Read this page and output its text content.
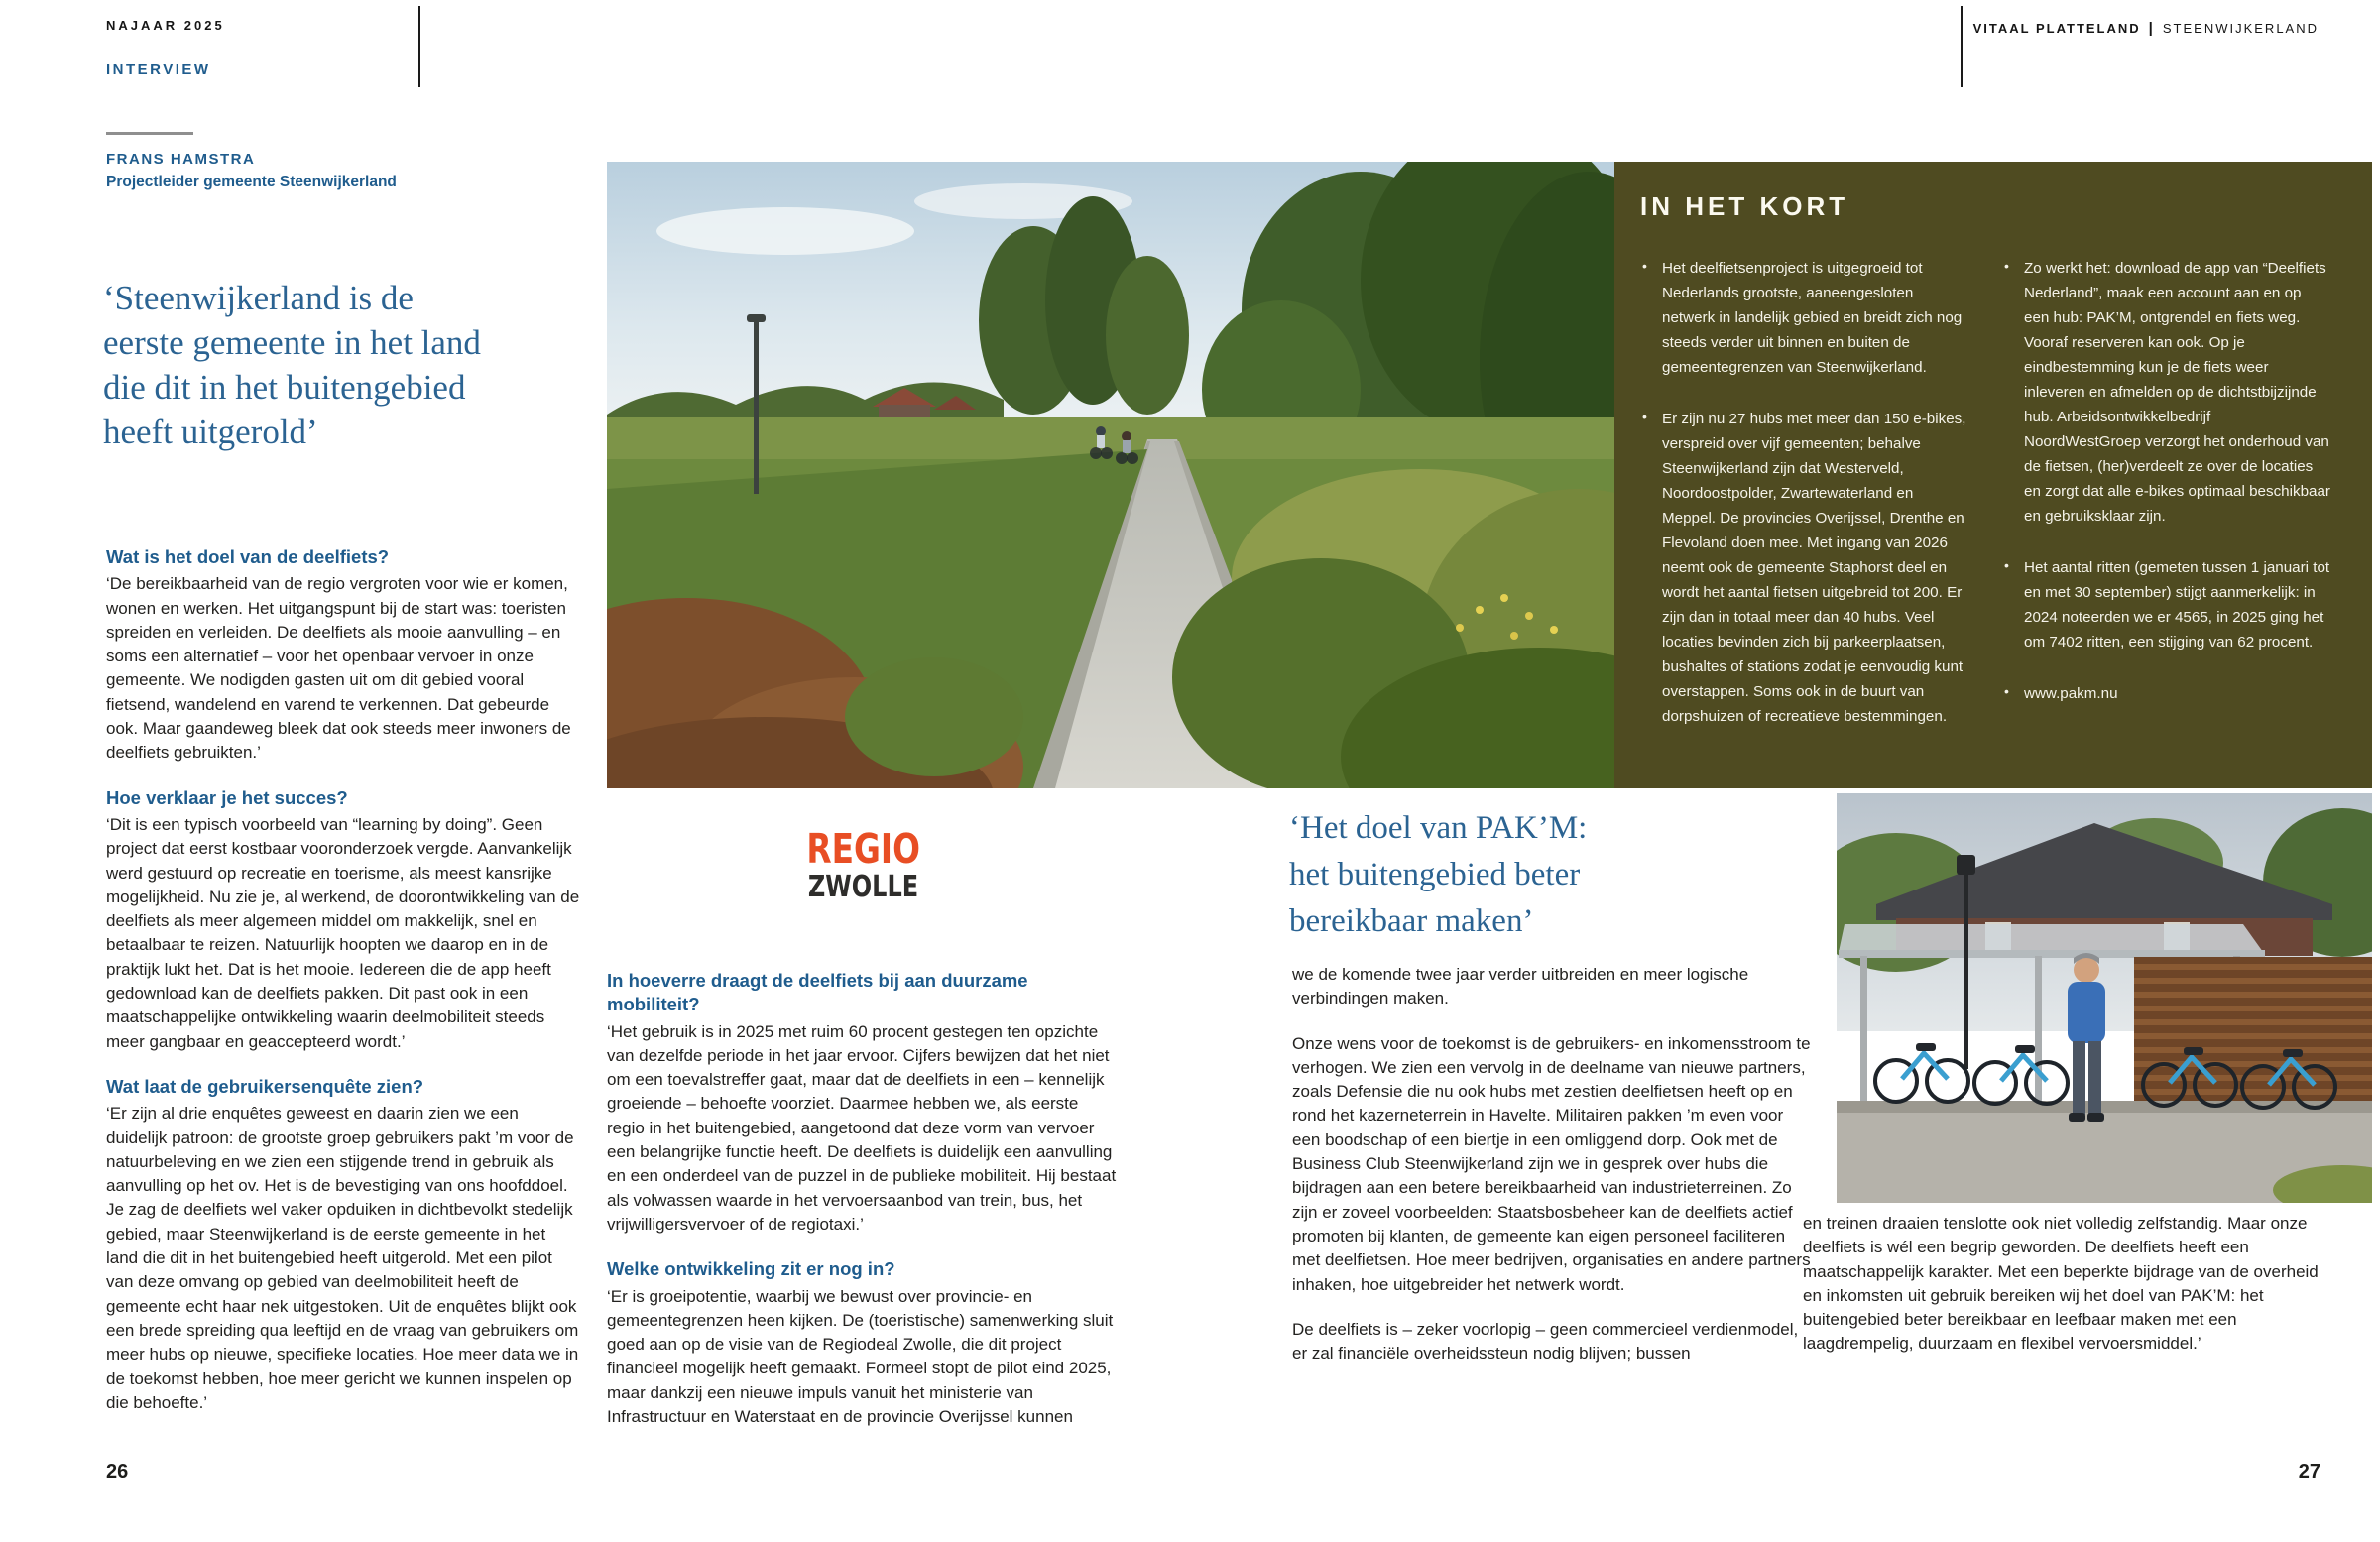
NAJAAR 2025
INTERVIEW
FRANS HAMSTRA
Projectleider gemeente Steenwijkerland
VITAAL PLATTELAND | STEENWIJKERLAND
‘Steenwijkerland is de
eerste gemeente in het land
die dit in het buitengebied
heeft uitgerold’
Wat is het doel van de deelfiets?

‘De bereikbaarheid van de regio vergroten voor wie er komen, wonen en werken. Het uitgangspunt bij de start was: toeristen spreiden en verleiden. De deelfiets als mooie aanvulling – en soms een alternatief – voor het openbaar vervoer in onze gemeente. We nodigden gasten uit om dit gebied vooral fietsend, wandelend en varend te verkennen. Dat gebeurde ook. Maar gaandeweg bleek dat ook steeds meer inwoners de deelfiets gebruikten.’

Hoe verklaar je het succes?

‘Dit is een typisch voorbeeld van “learning by doing”. Geen project dat eerst kostbaar vooronderzoek vergde. Aanvankelijk werd gestuurd op recreatie en toerisme, als meest kansrijke mogelijkheid. Nu zie je, al werkend, de doorontwikkeling van de deelfiets als meer algemeen middel om makkelijk, snel en betaalbaar te reizen. Natuurlijk hoopten we daarop en in de praktijk lukt het. Dat is het mooie. Iedereen die de app heeft gedownload kan de deelfiets pakken. Dit past ook in een maatschappelijke ontwikkeling waarin deelmobiliteit steeds meer gangbaar en geaccepteerd wordt.’

Wat laat de gebruikersenquête zien?

‘Er zijn al drie enquêtes geweest en daarin zien we een duidelijk patroon: de grootste groep gebruikers pakt ’m voor de natuurbeleving en we zien een stijgende trend in gebruik als aanvulling op het ov. Het is de bevestiging van ons hoofddoel. Je zag de deelfiets wel vaker opduiken in dichtbevolkt stedelijk gebied, maar Steenwijkerland is de eerste gemeente in het land die dit in het buitengebied heeft uitgerold. Met een pilot van deze omvang op gebied van deelmobiliteit heeft de gemeente echt haar nek uitgestoken. Uit de enquêtes blijkt ook een brede spreiding qua leeftijd en de vraag van gebruikers om meer hubs op nieuwe, specifieke locaties. Hoe meer data we in de toekomst hebben, hoe meer gericht we kunnen inspelen op die behoefte.’

IN HET KORT
• Het deelfietsenproject is uitgegroeid tot Nederlands grootste, aaneengesloten netwerk in landelijk gebied en breidt zich nog steeds verder uit binnen en buiten de gemeentegrenzen van Steenwijkerland.
• Er zijn nu 27 hubs met meer dan 150 e-bikes, verspreid over vijf gemeenten; behalve Steenwijkerland zijn dat Westerveld, Noordoostpolder, Zwartewaterland en Meppel. De provincies Overijssel, Drenthe en Flevoland doen mee. Met ingang van 2026 neemt ook de gemeente Staphorst deel en wordt het aantal fietsen uitgebreid tot 200. Er zijn dan in totaal meer dan 40 hubs. Veel locaties bevinden zich bij parkeerplaatsen, bushaltes of stations zodat je eenvoudig kunt overstappen. Soms ook in de buurt van dorpshuizen of recreatieve bestemmingen.
• Zo werkt het: download de app van “Deelfiets Nederland”, maak een account aan en op een hub: PAK’M, ontgrendel en fiets weg. Vooraf reserveren kan ook. Op je eindbestemming kun je de fiets weer inleveren en afmelden op de dichtstbijzijnde hub. Arbeidsontwikkelbedrijf NoordWestGroep verzorgt het onderhoud van de fietsen, (her)verdeelt ze over de locaties en zorgt dat alle e-bikes optimaal beschikbaar en gebruiksklaar zijn.
• Het aantal ritten (gemeten tussen 1 januari tot en met 30 september) stijgt aanmerkelijk: in 2024 noteerden we er 4565, in 2025 ging het om 7402 ritten, een stijging van 62 procent.
• www.pakm.nu
REGIO
ZWOLLE
In hoeverre draagt de deelfiets bij aan duurzame mobiliteit?

‘Het gebruik is in 2025 met ruim 60 procent gestegen ten opzichte van dezelfde periode in het jaar ervoor. Cijfers bewijzen dat het niet om een toevalstreffer gaat, maar dat de deelfiets in een – kennelijk groeiende – behoefte voorziet. Daarmee hebben we, als eerste regio in het buitengebied, aangetoond dat deze vorm van vervoer een belangrijke functie heeft. De deelfiets is duidelijk een aanvulling en een onderdeel van de puzzel in de publieke mobiliteit. Hij bestaat als volwassen waarde in het vervoersaanbod van trein, bus, het vrijwilligersvervoer of de regiotaxi.’

Welke ontwikkeling zit er nog in?

‘Er is groeipotentie, waarbij we bewust over provincie- en gemeentegrenzen heen kijken. De (toeristische) samenwerking sluit goed aan op de visie van de Regiodeal Zwolle, die dit project financieel mogelijk heeft gemaakt. Formeel stopt de pilot eind 2025, maar dankzij een nieuwe impuls vanuit het ministerie van Infrastructuur en Waterstaat en de provincie Overijssel kunnen

‘Het doel van PAK’M:
het buitengebied beter
bereikbaar maken’

we de komende twee jaar verder uitbreiden en meer logische verbindingen maken.

Onze wens voor de toekomst is de gebruikers- en inkomensstroom te verhogen. We zien een vervolg in de deelname van nieuwe partners, zoals Defensie die nu ook hubs met zestien deelfietsen heeft op en rond het kazerneterrein in Havelte. Militairen pakken ’m even voor een boodschap of een biertje in een omliggend dorp. Ook met de Business Club Steenwijkerland zijn we in gesprek over hubs die bijdragen aan een betere bereikbaarheid van industrieterreinen. Zo zijn er zoveel voorbeelden: Staatsbosbeheer kan de deelfiets actief promoten bij klanten, de gemeente kan eigen personeel faciliteren met deelfietsen. Hoe meer bedrijven, organisaties en andere partners inhaken, hoe uitgebreider het netwerk wordt.

De deelfiets is – zeker voorlopig – geen commercieel verdienmodel, er zal financiële overheidssteun nodig blijven; bussen

en treinen draaien tenslotte ook niet volledig zelfstandig. Maar onze deelfiets is wél een begrip geworden. De deelfiets heeft een maatschappelijk karakter. Met een beperkte bijdrage van de overheid en inkomsten uit gebruik bereiken wij het doel van PAK’M: het buitengebied beter bereikbaar en leefbaar maken met een laagdrempelig, duurzaam en flexibel vervoersmiddel.’

26	27
